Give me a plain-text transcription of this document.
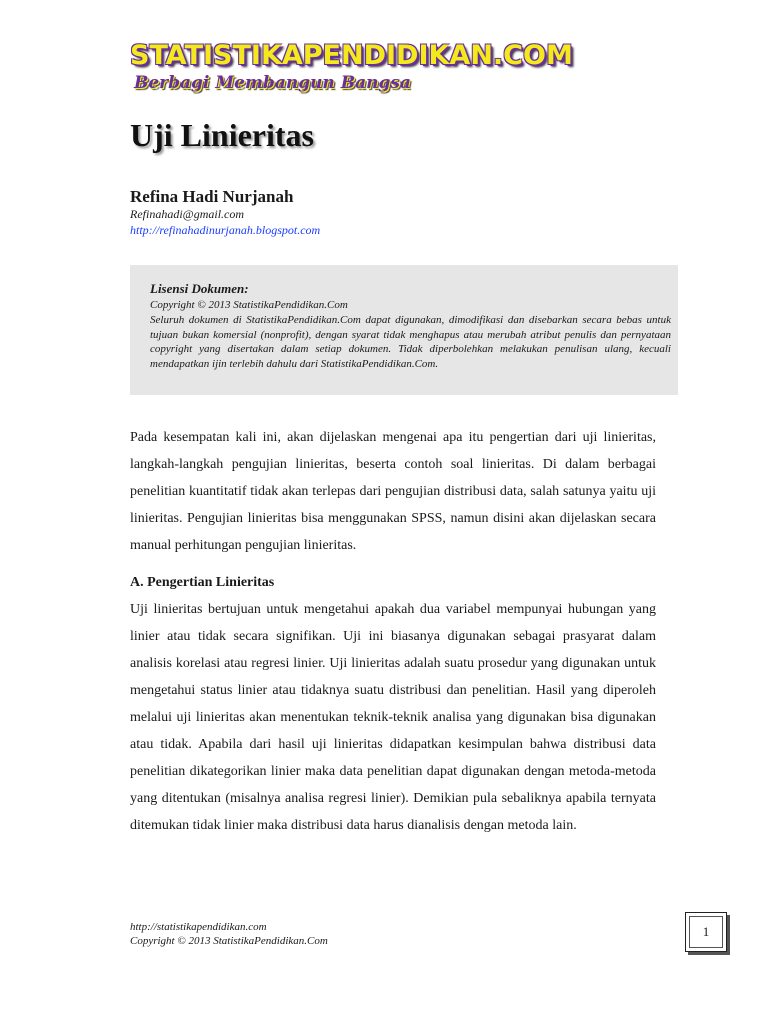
STATISTIKAPENDIDIKAN.COM
Berbagi Membangun Bangsa
Uji Linieritas
Refina Hadi Nurjanah
Refinahadi@gmail.com
http://refinahadinurjanah.blogspot.com
Lisensi Dokumen:
Copyright © 2013 StatistikaPendidikan.Com
Seluruh dokumen di StatistikaPendidikan.Com dapat digunakan, dimodifikasi dan disebarkan secara bebas untuk tujuan bukan komersial (nonprofit), dengan syarat tidak menghapus atau merubah atribut penulis dan pernyataan copyright yang disertakan dalam setiap dokumen. Tidak diperbolehkan melakukan penulisan ulang, kecuali mendapatkan ijin terlebih dahulu dari StatistikaPendidikan.Com.
Pada kesempatan kali ini, akan dijelaskan mengenai apa itu pengertian dari uji linieritas, langkah-langkah pengujian linieritas, beserta contoh soal linieritas. Di dalam berbagai penelitian kuantitatif tidak akan terlepas dari pengujian distribusi data, salah satunya yaitu uji linieritas. Pengujian linieritas bisa menggunakan SPSS, namun disini akan dijelaskan secara manual perhitungan pengujian linieritas.
A. Pengertian Linieritas
Uji linieritas bertujuan untuk mengetahui apakah dua variabel mempunyai hubungan yang linier atau tidak secara signifikan. Uji ini biasanya digunakan sebagai prasyarat dalam analisis korelasi atau regresi linier. Uji linieritas adalah suatu prosedur yang digunakan untuk mengetahui status linier atau tidaknya suatu distribusi dan penelitian. Hasil yang diperoleh melalui uji linieritas akan menentukan teknik-teknik analisa yang digunakan bisa digunakan atau tidak. Apabila dari hasil uji linieritas didapatkan kesimpulan bahwa distribusi data penelitian dikategorikan linier maka data penelitian dapat digunakan dengan metoda-metoda yang ditentukan (misalnya analisa regresi linier). Demikian pula sebaliknya apabila ternyata ditemukan tidak linier maka distribusi data harus dianalisis dengan metoda lain.
http://statistikapendidikan.com
Copyright © 2013 StatistikaPendidikan.Com
1
